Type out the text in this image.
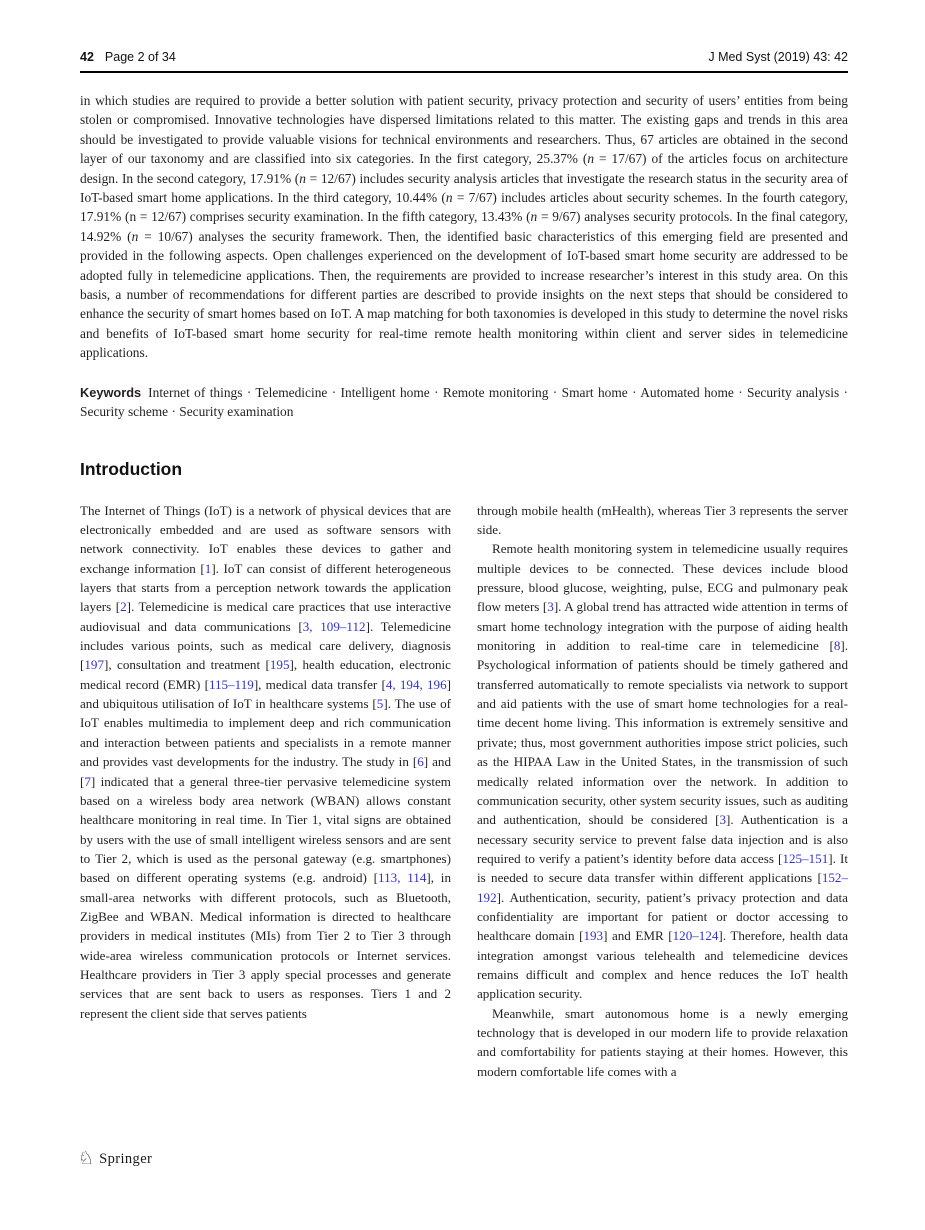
42 Page 2 of 34	J Med Syst (2019) 43: 42

in which studies are required to provide a better solution with patient security, privacy protection and security of users’ entities from being stolen or compromised. Innovative technologies have dispersed limitations related to this matter. The existing gaps and trends in this area should be investigated to provide valuable visions for technical environments and researchers. Thus, 67 articles are obtained in the second layer of our taxonomy and are classified into six categories. In the first category, 25.37% (n = 17/67) of the articles focus on architecture design. In the second category, 17.91% (n = 12/67) includes security analysis articles that investigate the research status in the security area of IoT-based smart home applications. In the third category, 10.44% (n = 7/67) includes articles about security schemes. In the fourth category, 17.91% (n = 12/67) comprises security examination. In the fifth category, 13.43% (n = 9/67) analyses security protocols. In the final category, 14.92% (n = 10/67) analyses the security framework. Then, the identified basic characteristics of this emerging field are presented and provided in the following aspects. Open challenges experienced on the development of IoT-based smart home security are addressed to be adopted fully in telemedicine applications. Then, the requirements are provided to increase researcher’s interest in this study area. On this basis, a number of recommendations for different parties are described to provide insights on the next steps that should be considered to enhance the security of smart homes based on IoT. A map matching for both taxonomies is developed in this study to determine the novel risks and benefits of IoT-based smart home security for real-time remote health monitoring within client and server sides in telemedicine applications.

Keywords Internet of things · Telemedicine · Intelligent home · Remote monitoring · Smart home · Automated home · Security analysis · Security scheme · Security examination
Introduction

The Internet of Things (IoT) is a network of physical devices that are electronically embedded and are used as software sensors with network connectivity. IoT enables these devices to gather and exchange information [1]. IoT can consist of different heterogeneous layers that starts from a perception network towards the application layers [2]. Telemedicine is medical care practices that use interactive audiovisual and data communications [3, 109–112]. Telemedicine includes various points, such as medical care delivery, diagnosis [197], consultation and treatment [195], health education, electronic medical record (EMR) [115–119], medical data transfer [4, 194, 196] and ubiquitous utilisation of IoT in healthcare systems [5]. The use of IoT enables multimedia to implement deep and rich communication and interaction between patients and specialists in a remote manner and provides vast developments for the industry. The study in [6] and [7] indicated that a general three-tier pervasive telemedicine system based on a wireless body area network (WBAN) allows constant healthcare monitoring in real time. In Tier 1, vital signs are obtained by users with the use of small intelligent wireless sensors and are sent to Tier 2, which is used as the personal gateway (e.g. smartphones) based on different operating systems (e.g. android) [113, 114], in small-area networks with different protocols, such as Bluetooth, ZigBee and WBAN. Medical information is directed to healthcare providers in medical institutes (MIs) from Tier 2 to Tier 3 through wide-area wireless communication protocols or Internet services. Healthcare providers in Tier 3 apply special processes and generate services that are sent back to users as responses. Tiers 1 and 2 represent the client side that serves patients

through mobile health (mHealth), whereas Tier 3 represents the server side.

Remote health monitoring system in telemedicine usually requires multiple devices to be connected. These devices include blood pressure, blood glucose, weighting, pulse, ECG and pulmonary peak flow meters [3]. A global trend has attracted wide attention in terms of smart home technology integration with the purpose of aiding health monitoring in addition to real-time care in telemedicine [8]. Psychological information of patients should be timely gathered and transferred automatically to remote specialists via network to support and aid patients with the use of smart home technologies for a real-time decent home living. This information is extremely sensitive and private; thus, most government authorities impose strict policies, such as the HIPAA Law in the United States, in the transmission of such medically related information over the network. In addition to communication security, other system security issues, such as auditing and authentication, should be considered [3]. Authentication is a necessary security service to prevent false data injection and is also required to verify a patient’s identity before data access [125–151]. It is needed to secure data transfer within different applications [152–192]. Authentication, security, patient’s privacy protection and data confidentiality are important for patient or doctor accessing to healthcare domain [193] and EMR [120–124]. Therefore, health data integration amongst various telehealth and telemedicine devices remains difficult and complex and hence reduces the IoT health application security.

Meanwhile, smart autonomous home is a newly emerging technology that is developed in our modern life to provide relaxation and comfortability for patients staying at their homes. However, this modern comfortable life comes with a

♘ Springer
